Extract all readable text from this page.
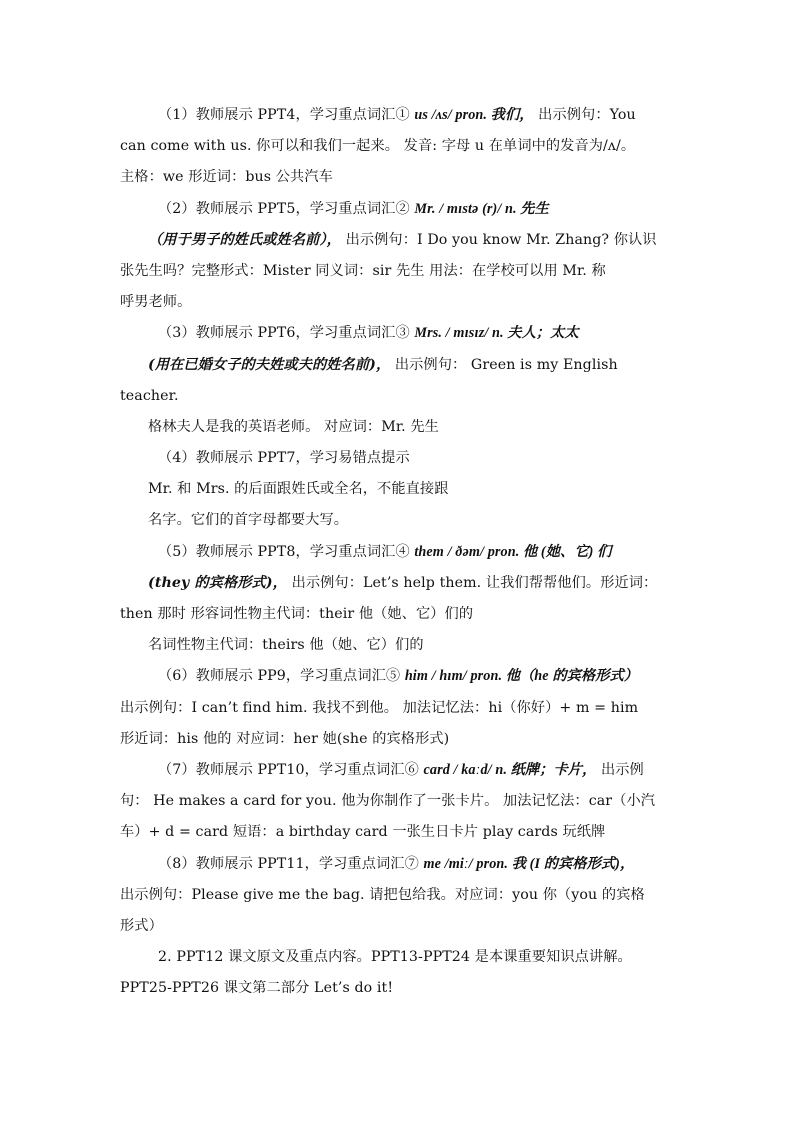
（1）教师展示 PPT4，学习重点词汇① us /ʌs/ pron. 我们， 出示例句：You
can come with us. 你可以和我们一起来。 发音: 字母 u 在单词中的发音为/ʌ/。
主格：we 形近词：bus 公共汽车
（2）教师展示 PPT5，学习重点词汇② Mr. / mɪstə (r)/ n. 先生
（用于男子的姓氏或姓名前）， 出示例句：I Do you know Mr. Zhang? 你认识
张先生吗？完整形式：Mister 同义词：sir 先生 用法：在学校可以用 Mr. 称
呼男老师。
（3）教师展示 PPT6，学习重点词汇③ Mrs. / mɪsɪz/ n. 夫人；太太
(用在已婚女子的夫姓或夫的姓名前)， 出示例句： Green is my English
teacher.
格林夫人是我的英语老师。 对应词：Mr. 先生
（4）教师展示 PPT7，学习易错点提示
Mr. 和 Mrs. 的后面跟姓氏或全名，不能直接跟
名字。它们的首字母都要大写。
（5）教师展示 PPT8，学习重点词汇④ them / ðəm/ pron. 他 (她、它) 们
(they 的宾格形式)， 出示例句：Let’s help them. 让我们帮帮他们。形近词：
then 那时 形容词性物主代词：their 他（她、它）们的
名词性物主代词：theirs 他（她、它）们的
（6）教师展示 PP9，学习重点词汇⑤ him / hɪm/ pron. 他（he 的宾格形式）
出示例句：I can’t find him. 我找不到他。 加法记忆法：hi（你好）+ m = him
形近词：his 他的 对应词：her 她(she 的宾格形式)
（7）教师展示 PPT10，学习重点词汇⑥ card / kɑːd/ n. 纸牌；卡片， 出示例
句： He makes a card for you. 他为你制作了一张卡片。 加法记忆法：car（小汽
车）+ d = card 短语：a birthday card 一张生日卡片 play cards 玩纸牌
（8）教师展示 PPT11，学习重点词汇⑦ me /miː/ pron. 我 (I 的宾格形式)，
出示例句：Please give me the bag. 请把包给我。对应词：you 你（you 的宾格
形式）
2. PPT12 课文原文及重点内容。PPT13-PPT24 是本课重要知识点讲解。
PPT25-PPT26 课文第二部分 Let’s do it!
